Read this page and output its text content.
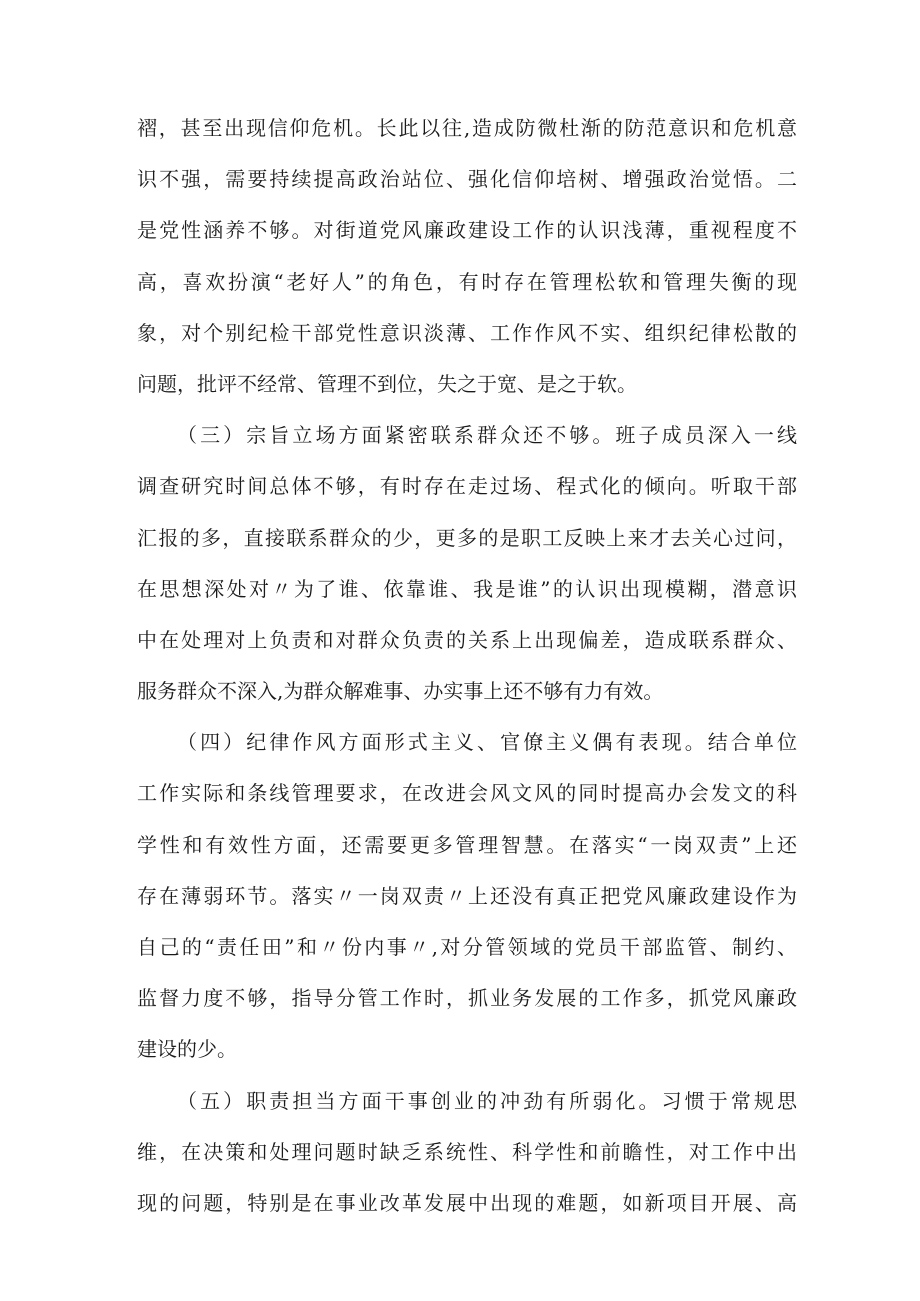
褶，甚至出现信仰危机。长此以往,造成防微杜渐的防范意识和危机意
识不强，需要持续提高政治站位、强化信仰培树、增强政治觉悟。二
是党性涵养不够。对街道党风廉政建设工作的认识浅薄，重视程度不
高，喜欢扮演“老好人”的角色，有时存在管理松软和管理失衡的现
象，对个别纪检干部党性意识淡薄、工作作风不实、组织纪律松散的
问题，批评不经常、管理不到位，失之于宽、是之于软。
（三）宗旨立场方面紧密联系群众还不够。班子成员深入一线
调查研究时间总体不够，有时存在走过场、程式化的倾向。听取干部
汇报的多，直接联系群众的少，更多的是职工反映上来才去关心过问，
在思想深处对〃为了谁、依靠谁、我是谁”的认识出现模糊，潜意识
中在处理对上负责和对群众负责的关系上出现偏差，造成联系群众、
服务群众不深入,为群众解难事、办实事上还不够有力有效。
（四）纪律作风方面形式主义、官僚主义偶有表现。结合单位
工作实际和条线管理要求，在改进会风文风的同时提高办会发文的科
学性和有效性方面，还需要更多管理智慧。在落实“一岗双责”上还
存在薄弱环节。落实〃一岗双责〃上还没有真正把党风廉政建设作为
自己的“责任田”和〃份内事〃,对分管领域的党员干部监管、制约、
监督力度不够，指导分管工作时，抓业务发展的工作多，抓党风廉政
建设的少。
（五）职责担当方面干事创业的冲劲有所弱化。习惯于常规思
维，在决策和处理问题时缺乏系统性、科学性和前瞻性，对工作中出
现的问题，特别是在事业改革发展中出现的难题，如新项目开展、高
